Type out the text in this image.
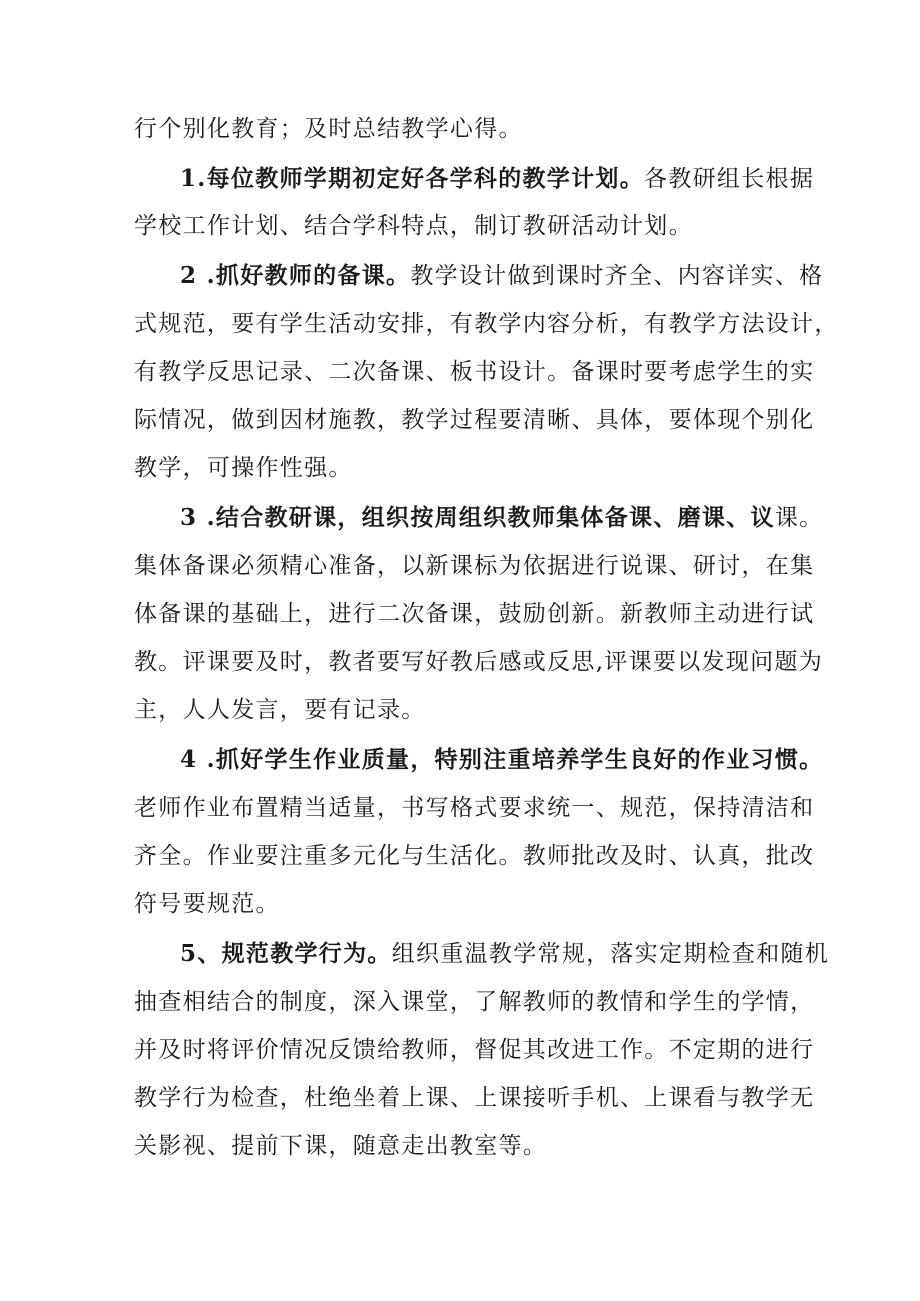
行个别化教育；及时总结教学心得。
1.每位教师学期初定好各学科的教学计划。各教研组长根据
学校工作计划、结合学科特点，制订教研活动计划。
2 .抓好教师的备课。教学设计做到课时齐全、内容详实、格
式规范，要有学生活动安排，有教学内容分析，有教学方法设计，
有教学反思记录、二次备课、板书设计。备课时要考虑学生的实
际情况，做到因材施教，教学过程要清晰、具体，要体现个别化
教学，可操作性强。
3 .结合教研课，组织按周组织教师集体备课、磨课、议课。
集体备课必须精心准备，以新课标为依据进行说课、研讨，在集
体备课的基础上，进行二次备课，鼓励创新。新教师主动进行试
教。评课要及时，教者要写好教后感或反思,评课要以发现问题为
主，人人发言，要有记录。
4 .抓好学生作业质量，特别注重培养学生良好的作业习惯。
老师作业布置精当适量，书写格式要求统一、规范，保持清洁和
齐全。作业要注重多元化与生活化。教师批改及时、认真，批改
符号要规范。
5、规范教学行为。组织重温教学常规，落实定期检查和随机
抽查相结合的制度，深入课堂，了解教师的教情和学生的学情，
并及时将评价情况反馈给教师，督促其改进工作。不定期的进行
教学行为检查，杜绝坐着上课、上课接听手机、上课看与教学无
关影视、提前下课，随意走出教室等。
